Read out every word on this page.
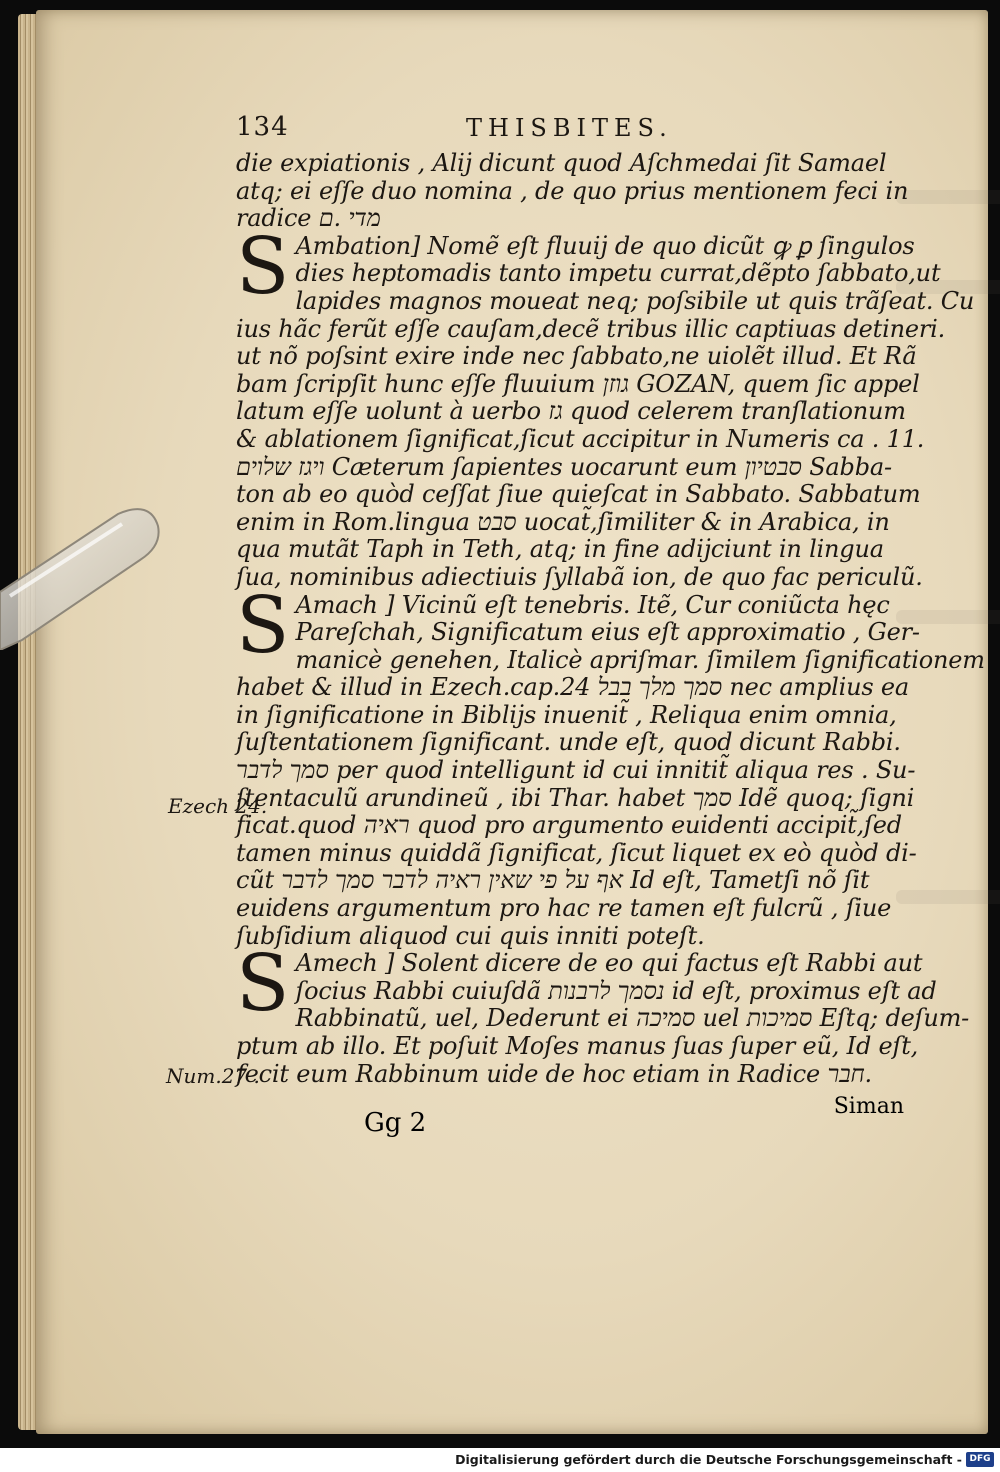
134	THISBITES.
die expiationis , Aliȷ̇ dicunt quod Aſchmedai ſit Samael
atq; ei eſſe duo nomina , de quo prius mentionem feci in
radice מדי .ם
S Ambation] Nomẽ eſt fluuiȷ̇ de quo dicũt ꝙ ꝑ ſingulos
dies heptomadis tanto impetu currat,dẽpto ſabbato,ut
lapides magnos moueat neq; poſsibile ut quis trãſeat. Cu
ius hãc ferũt eſſe cauſam,decẽ tribus illic captiuas detineri.
ut nõ poſsint exire inde nec ſabbato,ne uiolẽt illud. Et Rã
bam ſcripſit hunc eſſe fluuium גוזן GOZAN, quem ſic appel
latum eſſe uolunt à uerbo גז quod celerem tranſlationum
& ablationem ſignificat,ſicut accipitur in Numeris ca . 11.
ויגז שלוים Cæterum ſapientes uocarunt eum סבטיון Sabba-
ton ab eo quòd ceſſat ſiue quieſcat in Sabbato. Sabbatum
enim in Rom.lingua סבט uocat̃,ſimiliter & in Arabica, in
qua mutãt Taph in Teth, atq; in fine adiȷ̇ciunt in lingua
ſua, nominibus adiectiuis ſyllabã ion, de quo fac periculũ.
S Amach ] Vicinũ eſt tenebris. Itẽ, Cur coniũcta hęc
Pareſchah, Significatum eius eſt approximatio , Ger-
manicè genehen, Italicè apriſmar. ſimilem ſignificationem
habet & illud in Ezech.cap.24 סמך מלך בבל nec amplius ea
in ſignificatione in Bibliȷ̇s inuenit̃ , Reliqua enim omnia,
ſuſtentationem ſignificant. unde eſt, quod dicunt Rabbi.
סמך לדבר per quod intelligunt id cui innitit̃ aliqua res . Su-
ſtentaculũ arundineũ , ibi Thar. habet סמך Idẽ quoq; ſigni
ficat.quod ראיה quod pro argumento euidenti accipit̃,ſed
tamen minus quiddã ſignificat, ſicut liquet ex eò quòd di-
cũt אף על פי שאין ראיה לדבר סמך לדבר Id eſt, Tametſi nõ ſit
euidens argumentum pro hac re tamen eſt fulcrũ , ſiue
ſubſidium aliquod cui quis inniti poteſt.
S Amech ] Solent dicere de eo qui factus eſt Rabbi aut
ſocius Rabbi cuiuſdã נסמך לרבנות id eſt, proximus eſt ad
Rabbinatũ, uel, Dederunt ei סמיכה uel סמיכות Eſtq; deſum-
ptum ab illo. Et poſuit Moſes manus ſuas ſuper eũ, Id eſt,
fecit eum Rabbinum uide de hoc etiam in Radice חבר.
Ezech 24.
Num.27 .
Gg 2
Siman
Digitalisierung gefördert durch die Deutsche Forschungsgemeinschaft - DFG
